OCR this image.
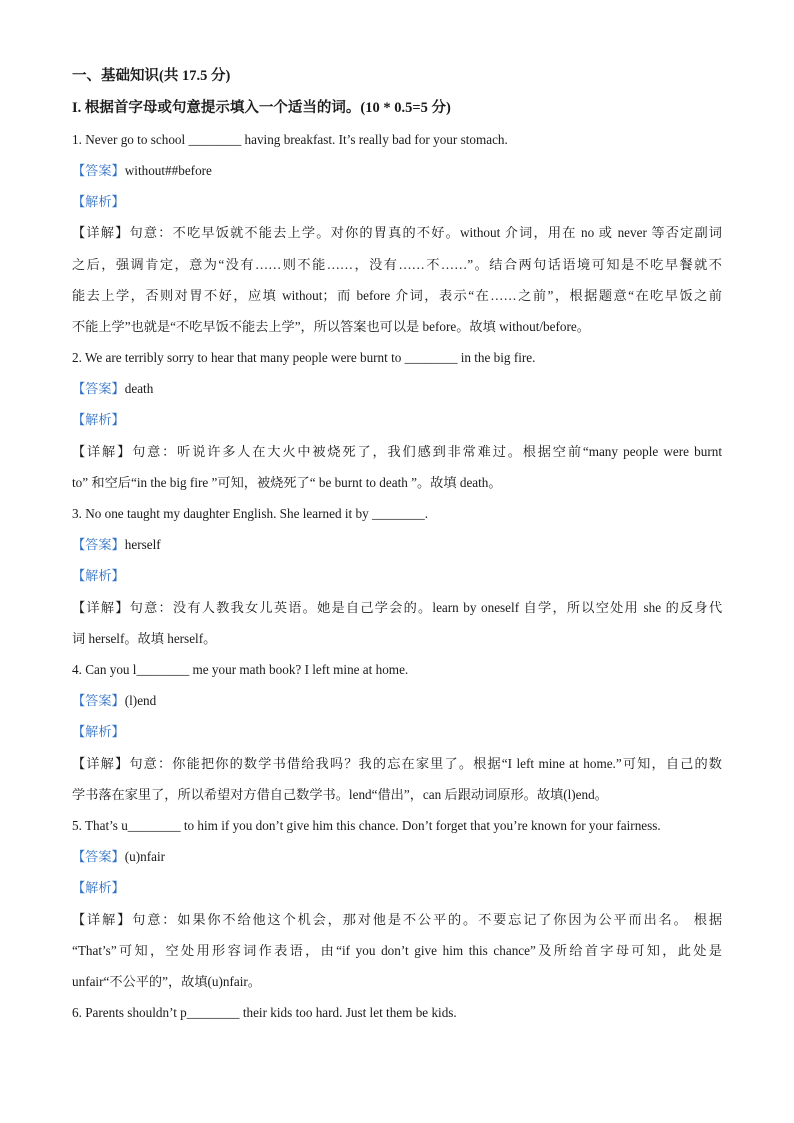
一、基础知识(共 17.5 分)
I. 根据首字母或句意提示填入一个适当的词。(10 * 0.5=5 分)
1. Never go to school ________ having breakfast. It’s really bad for your stomach.
【答案】without##before
【解析】
【详解】句意：不吃早饭就不能去上学。对你的胃真的不好。without 介词，用在 no 或 never 等否定副词
之后，强调肯定，意为“没有……则不能……，没有……不……”。结合两句话语境可知是不吃早餐就不
能去上学，否则对胃不好，应填 without；而 before 介词，表示“在……之前”，根据题意“在吃早饭之前
不能上学”也就是“不吃早饭不能去上学”，所以答案也可以是 before。故填 without/before。
2. We are terribly sorry to hear that many people were burnt to ________ in the big fire.
【答案】death
【解析】
【详解】句意：听说许多人在大火中被烧死了，我们感到非常难过。根据空前“many people were burnt
to” 和空后“in the big fire ”可知，被烧死了“ be burnt to death ”。故填 death。
3. No one taught my daughter English. She learned it by ________.
【答案】herself
【解析】
【详解】句意：没有人教我女儿英语。她是自己学会的。learn by oneself 自学，所以空处用 she 的反身代
词 herself。故填 herself。
4. Can you l________ me your math book? I left mine at home.
【答案】(l)end
【解析】
【详解】句意：你能把你的数学书借给我吗？我的忘在家里了。根据“I left mine at home.”可知，自己的数
学书落在家里了，所以希望对方借自己数学书。lend“借出”，can 后跟动词原形。故填(l)end。
5. That’s u________ to him if you don’t give him this chance. Don’t forget that you’re known for your fairness.
【答案】(u)nfair
【解析】
【详解】句意：如果你不给他这个机会，那对他是不公平的。不要忘记了你因为公平而出名。 根据
“That’s”可知，空处用形容词作表语，由“if you don’t give him this chance”及所给首字母可知，此处是
unfair“不公平的”，故填(u)nfair。
6. Parents shouldn’t p________ their kids too hard. Just let them be kids.
